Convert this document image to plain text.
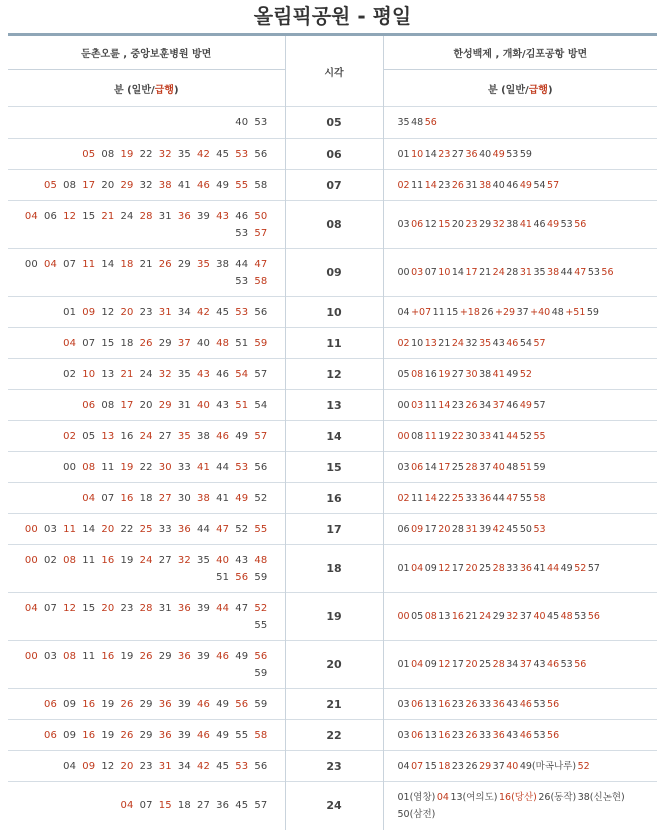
올림픽공원 - 평일
둔촌오륜 , 중앙보훈병원 방면	시각	한성백제 , 개화/김포공항 방면
분 (일반/급행)		분 (일반/급행)

40 53	05	35 48 56

05 08 19 22 32 35 42 45 53 56	06	01 10 14 23 27 36 40 49 53 59

05 08 17 20 29 32 38 41 46 49 55 58	07	02 11 14 23 26 31 38 40 46 49 54 57

04 06 12 15 21 24 28 31 36 39 43 46 50
53 57	08	03 06 12 15 20 23 29 32 38 41 46 49 53 56

00 04 07 11 14 18 21 26 29 35 38 44 47
53 58	09	00 03 07 10 14 17 21 24 28 31 35 38 44 47 53 56

01 09 12 20 23 31 34 42 45 53 56	10	04 +07 11 15 +18 26 +29 37 +40 48 +51 59

04 07 15 18 26 29 37 40 48 51 59	11	02 10 13 21 24 32 35 43 46 54 57

02 10 13 21 24 32 35 43 46 54 57	12	05 08 16 19 27 30 38 41 49 52

06 08 17 20 29 31 40 43 51 54	13	00 03 11 14 23 26 34 37 46 49 57

02 05 13 16 24 27 35 38 46 49 57	14	00 08 11 19 22 30 33 41 44 52 55

00 08 11 19 22 30 33 41 44 53 56	15	03 06 14 17 25 28 37 40 48 51 59

04 07 16 18 27 30 38 41 49 52	16	02 11 14 22 25 33 36 44 47 55 58

00 03 11 14 20 22 25 33 36 44 47 52 55	17	06 09 17 20 28 31 39 42 45 50 53

00 02 08 11 16 19 24 27 32 35 40 43 48
51 56 59	18	01 04 09 12 17 20 25 28 33 36 41 44 49 52 57

04 07 12 15 20 23 28 31 36 39 44 47 52
55	19	00 05 08 13 16 21 24 29 32 37 40 45 48 53 56

00 03 08 11 16 19 26 29 36 39 46 49 56
59	20	01 04 09 12 17 20 25 28 34 37 43 46 53 56

06 09 16 19 26 29 36 39 46 49 56 59	21	03 06 13 16 23 26 33 36 43 46 53 56

06 09 16 19 26 29 36 39 46 49 55 58	22	03 06 13 16 23 26 33 36 43 46 53 56

04 09 12 20 23 31 34 42 45 53 56	23	04 07 15 18 23 26 29 37 40 49(마곡나루) 52

04 07 15 18 27 36 45 57	24	01(염창) 04 13(여의도) 16(당산) 26(동작) 38(신논현)
50(삼전)
